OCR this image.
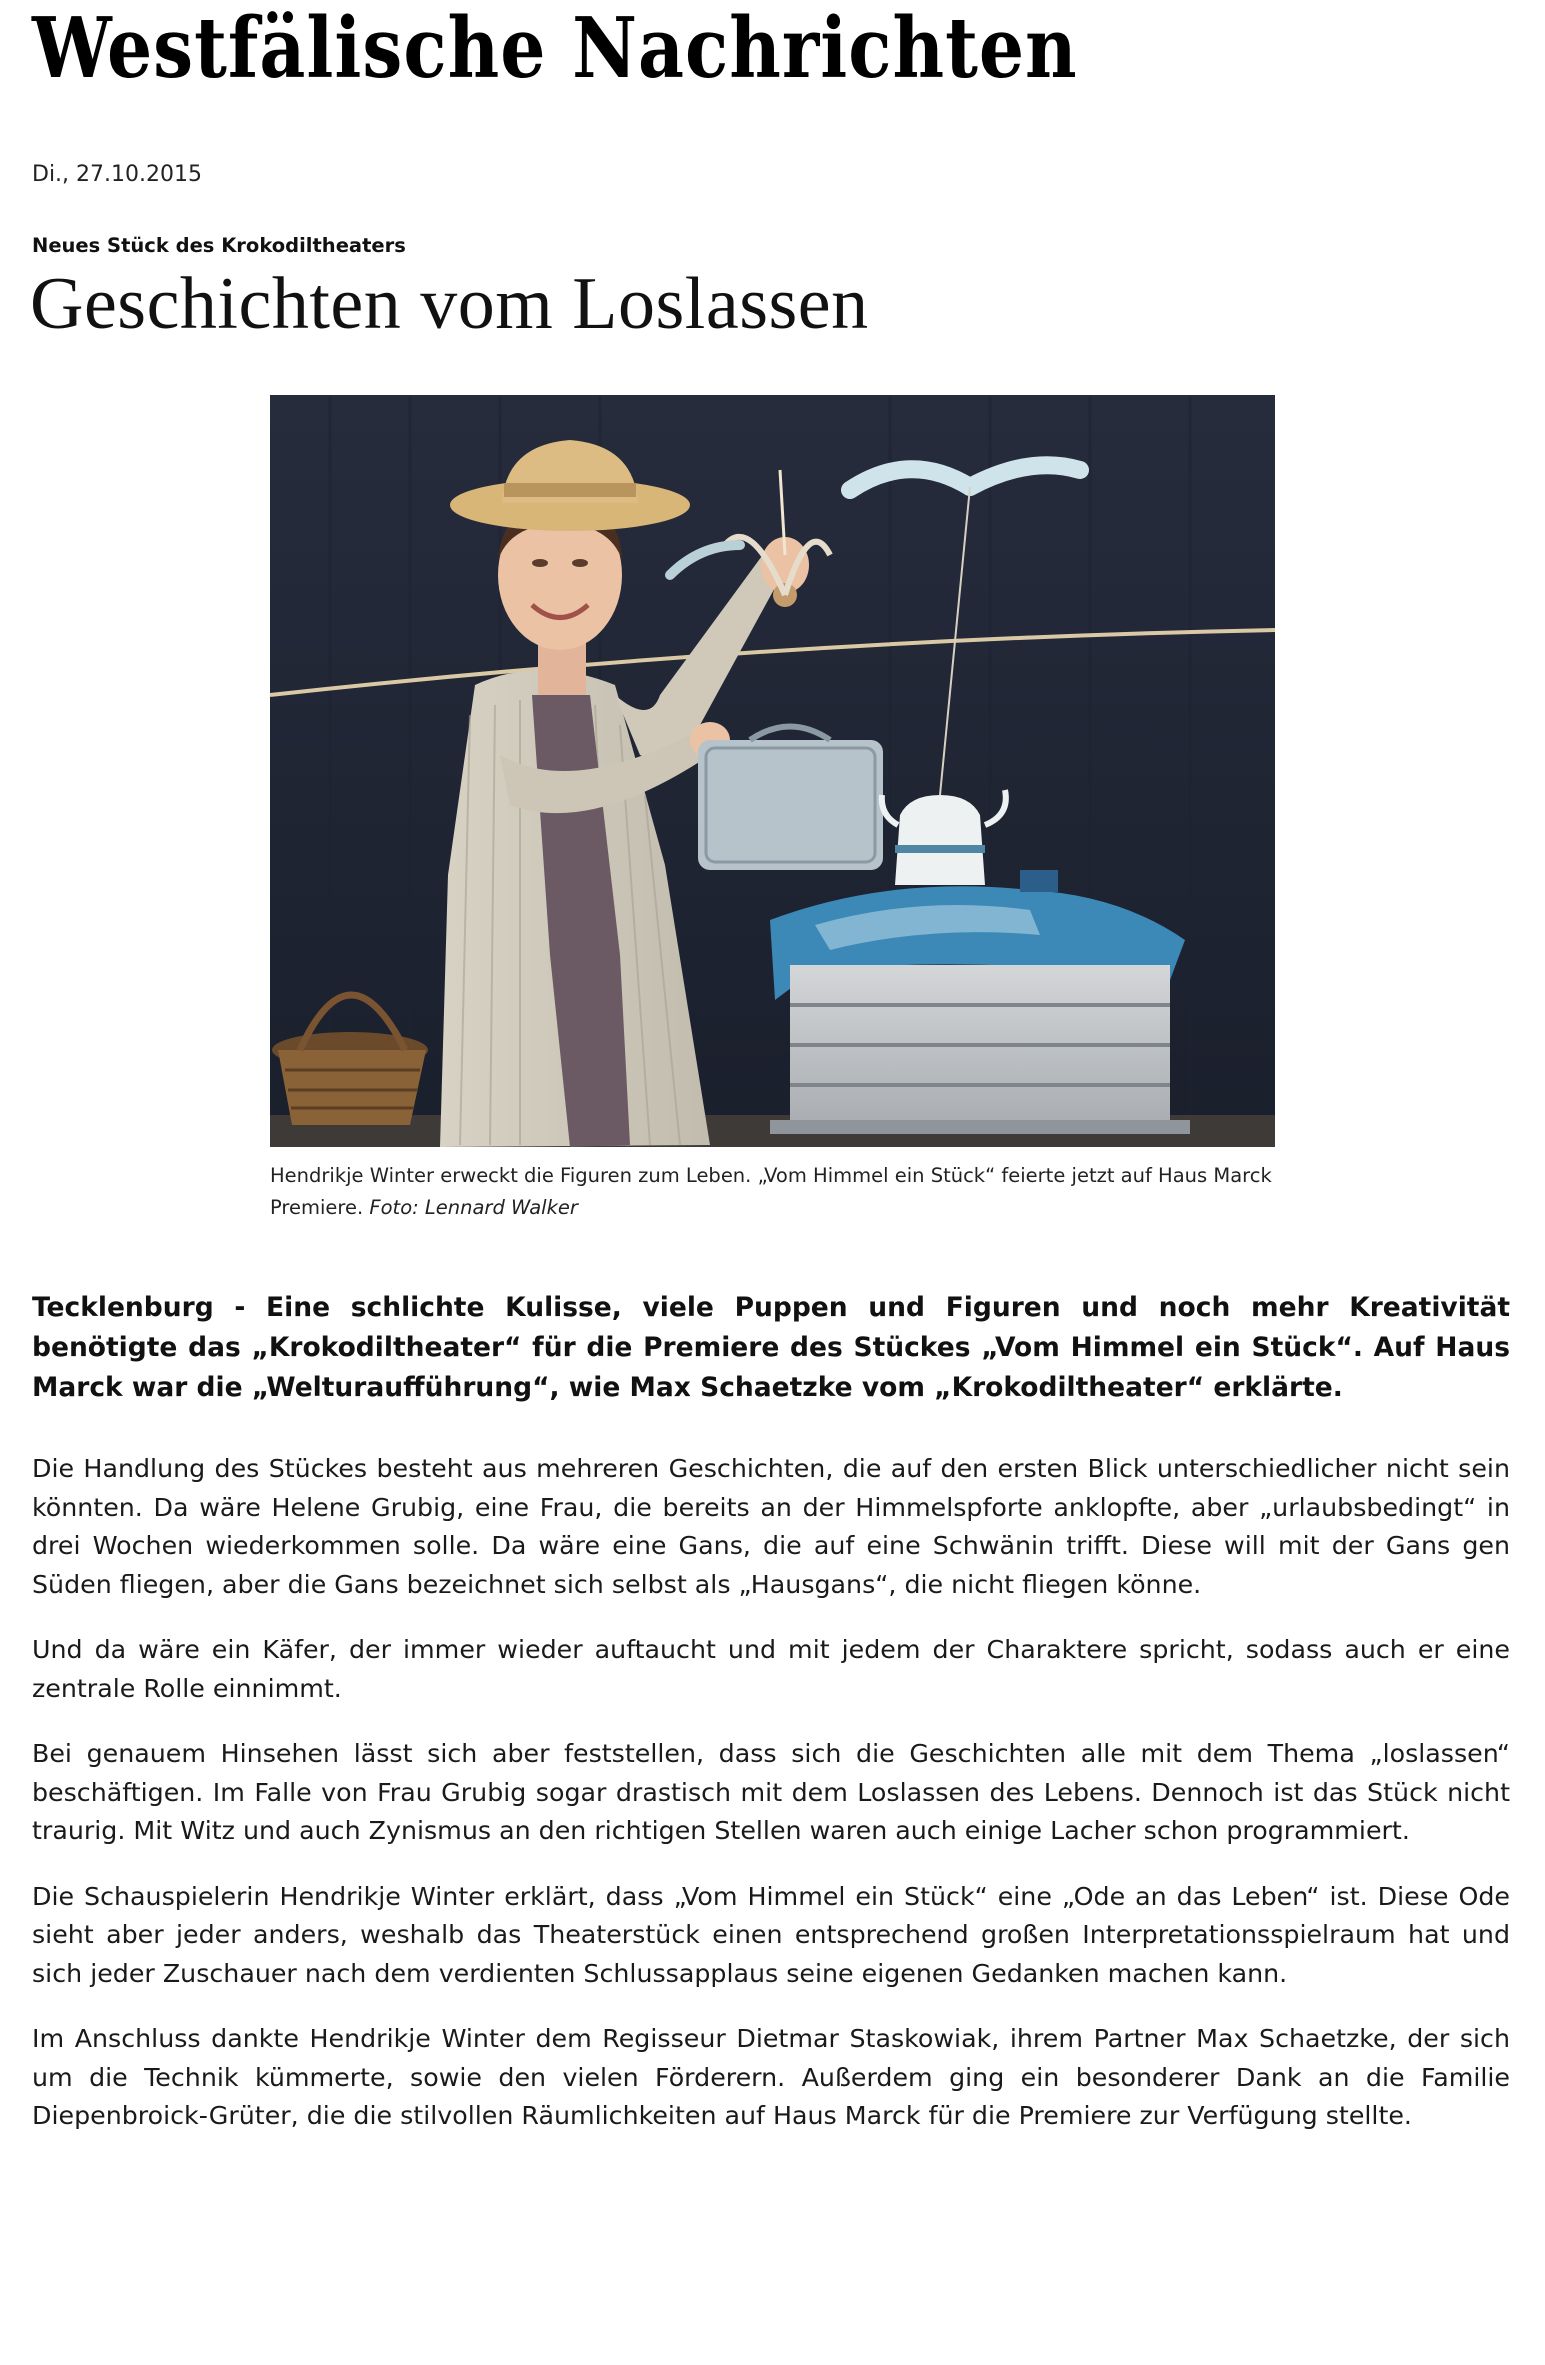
Westfälische Nachrichten
Di., 27.10.2015
Neues Stück des Krokodiltheaters
Geschichten vom Loslassen
Hendrikje Winter erweckt die Figuren zum Leben. „Vom Himmel ein Stück“ feierte jetzt auf Haus Marck Premiere. Foto: Lennard Walker

Tecklenburg - Eine schlichte Kulisse, viele Puppen und Figuren und noch mehr Kreativität benötigte das „Krokodiltheater“ für die Premiere des Stückes „Vom Himmel ein Stück“. Auf Haus Marck war die „Welturaufführung“, wie Max Schaetzke vom „Krokodiltheater“ erklärte.

Die Handlung des Stückes besteht aus mehreren Geschichten, die auf den ersten Blick unterschiedlicher nicht sein könnten. Da wäre Helene Grubig, eine Frau, die bereits an der Himmelspforte anklopfte, aber „urlaubsbedingt“ in drei Wochen wiederkommen solle. Da wäre eine Gans, die auf eine Schwänin trifft. Diese will mit der Gans gen Süden fliegen, aber die Gans bezeichnet sich selbst als „Hausgans“, die nicht fliegen könne.

Und da wäre ein Käfer, der immer wieder auftaucht und mit jedem der Charaktere spricht, sodass auch er eine zentrale Rolle einnimmt.

Bei genauem Hinsehen lässt sich aber feststellen, dass sich die Geschichten alle mit dem Thema „loslassen“ beschäftigen. Im Falle von Frau Grubig sogar drastisch mit dem Loslassen des Lebens. Dennoch ist das Stück nicht traurig. Mit Witz und auch Zynismus an den richtigen Stellen waren auch einige Lacher schon programmiert.

Die Schauspielerin Hendrikje Winter erklärt, dass „Vom Himmel ein Stück“ eine „Ode an das Leben“ ist. Diese Ode sieht aber jeder anders, weshalb das Theaterstück einen entsprechend großen Interpretationsspielraum hat und sich jeder Zuschauer nach dem verdienten Schlussapplaus seine eigenen Gedanken machen kann.

Im Anschluss dankte Hendrikje Winter dem Regisseur Dietmar Staskowiak, ihrem Partner Max Schaetzke, der sich um die Technik kümmerte, sowie den vielen Förderern. Außerdem ging ein besonderer Dank an die Familie Diepenbroick-Grüter, die die stilvollen Räumlichkeiten auf Haus Marck für die Premiere zur Verfügung stellte.
